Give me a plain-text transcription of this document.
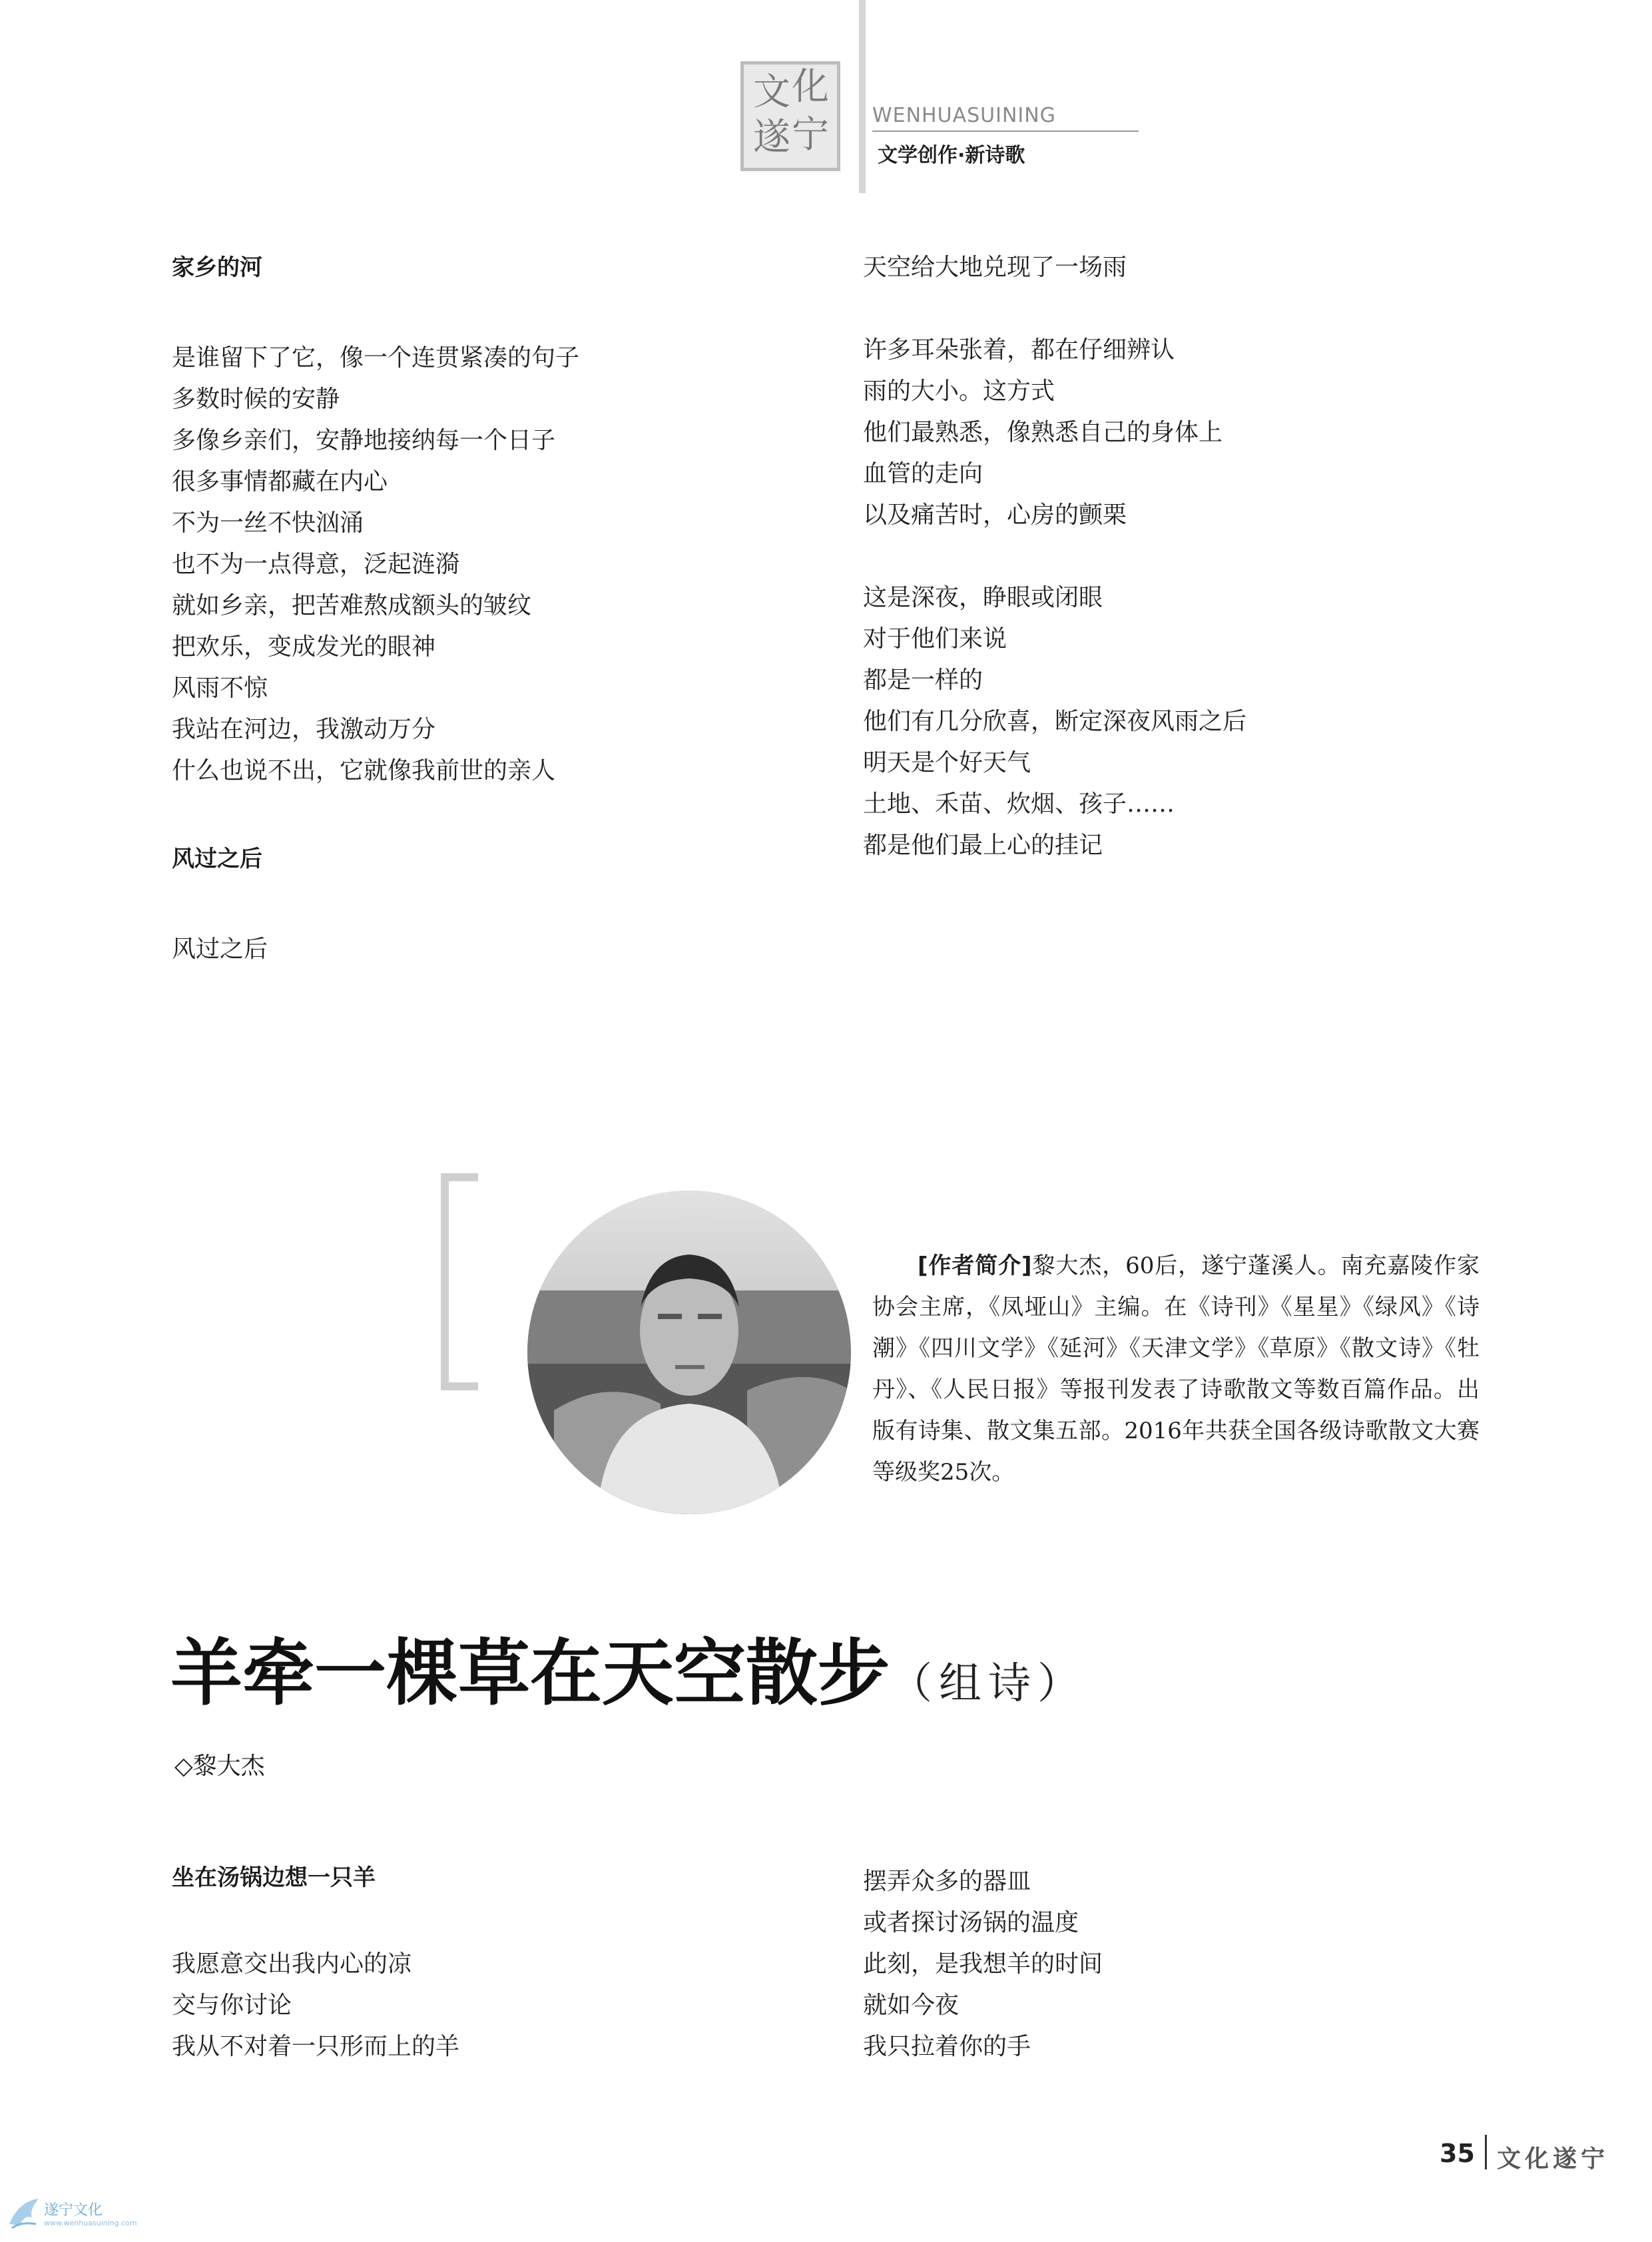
文 化
遂 宁 WENHUASUINING
文学创作·新诗歌
家乡的河
是谁留下了它，像一个连贯紧凑的句子
多数时候的安静
多像乡亲们，安静地接纳每一个日子
很多事情都藏在内心
不为一丝不快汹涌
也不为一点得意，泛起涟漪
就如乡亲，把苦难熬成额头的皱纹
把欢乐，变成发光的眼神
风雨不惊
我站在河边，我激动万分
什么也说不出，它就像我前世的亲人
风过之后
风过之后
天空给大地兑现了一场雨
许多耳朵张着，都在仔细辨认
雨的大小。这方式
他们最熟悉，像熟悉自己的身体上
血管的走向
以及痛苦时，心房的颤栗
这是深夜，睁眼或闭眼
对于他们来说
都是一样的
他们有几分欣喜，断定深夜风雨之后
明天是个好天气
土地、禾苗、炊烟、孩子……
都是他们最上心的挂记
[作者简介]黎大杰，60后，遂宁蓬溪人。南充嘉陵作家协会主席，《凤垭山》主编。在《诗刊》《星星》《绿风》《诗潮》《四川文学》《延河》《天津文学》《草原》《散文诗》《牡丹》、《人民日报》等报刊发表了诗歌散文等数百篇作品。出版有诗集、散文集五部。2016年共获全国各级诗歌散文大赛等级奖25次。
羊牵一棵草在天空散步（组诗）
◇黎大杰
坐在汤锅边想一只羊
我愿意交出我内心的凉
交与你讨论
我从不对着一只形而上的羊
摆弄众多的器皿
或者探讨汤锅的温度
此刻，是我想羊的时间
就如今夜
我只拉着你的手
35 文化遂宁
遂宁文化
www.wenhuasuining.com
